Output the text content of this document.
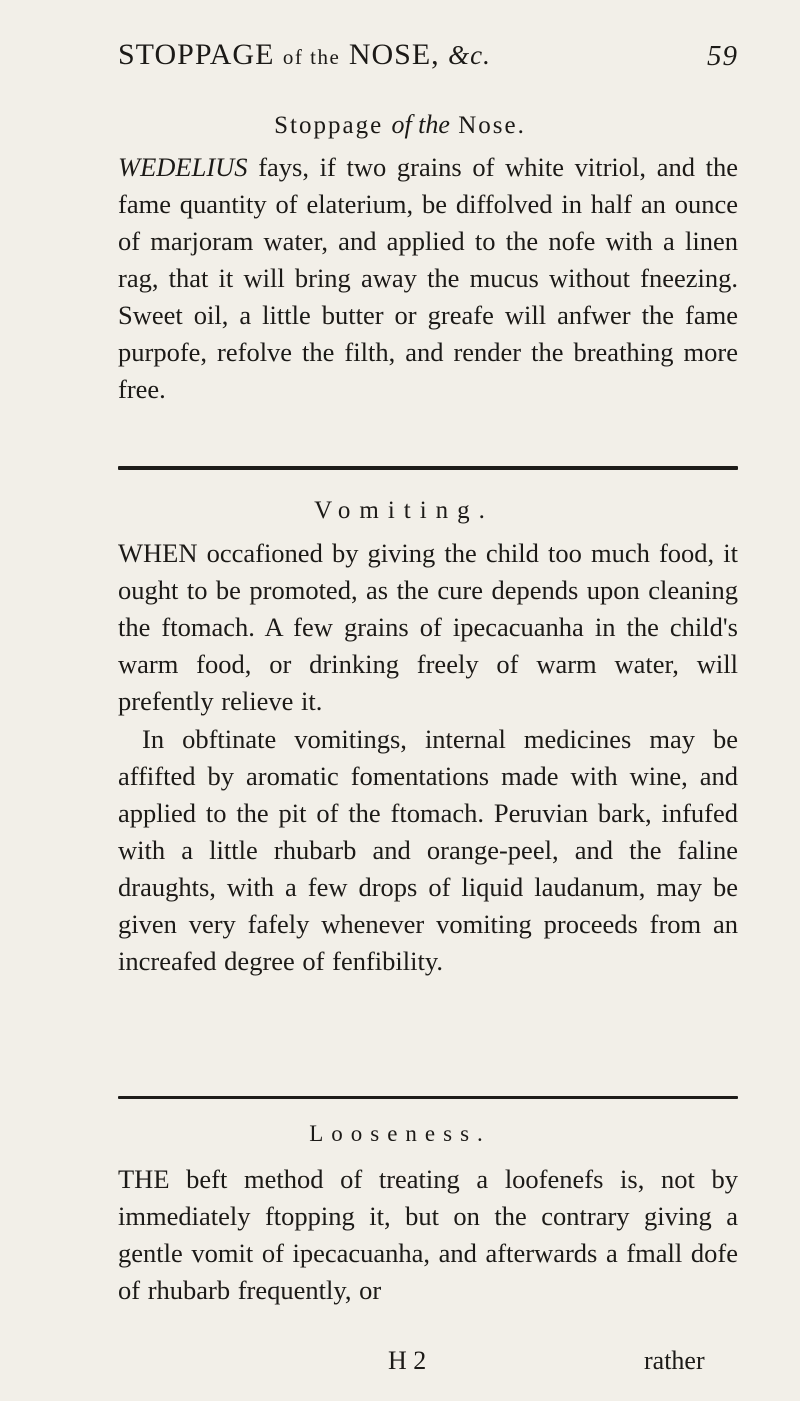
STOPPAGE of the NOSE, &c.	59
Stoppage of the Nose.
WEDELIUS fays, if two grains of white vitriol, and the fame quantity of elaterium, be diffolved in half an ounce of marjoram water, and applied to the nofe with a linen rag, that it will bring away the mucus without fneezing. Sweet oil, a little butter or greafe will anfwer the fame purpofe, refolve the filth, and render the breathing more free.
Vomiting.
WHEN occafioned by giving the child too much food, it ought to be promoted, as the cure depends upon cleaning the ftomach. A few grains of ipecacuanha in the child's warm food, or drinking freely of warm water, will prefently relieve it.
In obftinate vomitings, internal medicines may be affifted by aromatic fomentations made with wine, and applied to the pit of the ftomach. Peruvian bark, infufed with a little rhubarb and orange-peel, and the faline draughts, with a few drops of liquid laudanum, may be given very fafely whenever vomiting proceeds from an increafed degree of fenfibility.
Looseness.
THE beft method of treating a loofenefs is, not by immediately ftopping it, but on the contrary giving a gentle vomit of ipecacuanha, and afterwards a fmall dofe of rhubarb frequently, or
H 2	rather
